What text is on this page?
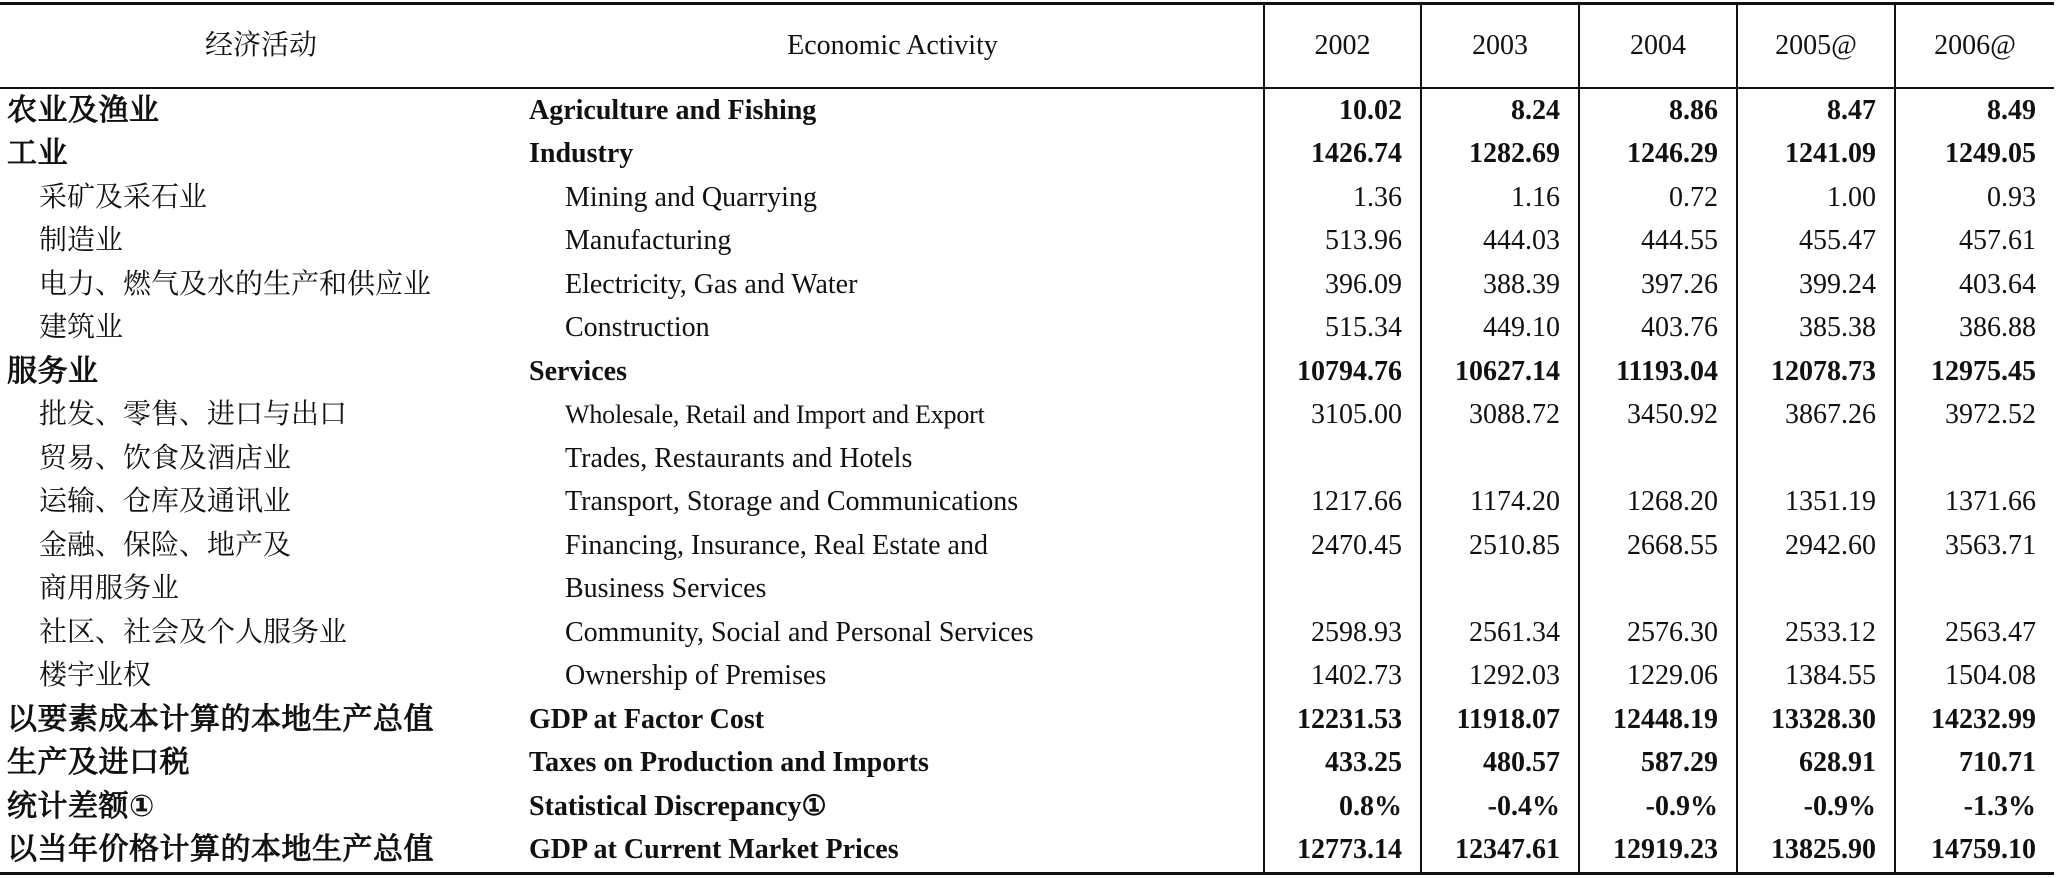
经济活动	Economic Activity	2002	2003	2004	2005@	2006@
农业及渔业	Agriculture and Fishing	10.02	8.24	8.86	8.47	8.49
工业	Industry	1426.74	1282.69	1246.29	1241.09	1249.05
采矿及采石业	Mining and Quarrying	1.36	1.16	0.72	1.00	0.93
制造业	Manufacturing	513.96	444.03	444.55	455.47	457.61
电力、燃气及水的生产和供应业	Electricity, Gas and Water	396.09	388.39	397.26	399.24	403.64
建筑业	Construction	515.34	449.10	403.76	385.38	386.88
服务业	Services	10794.76	10627.14	11193.04	12078.73	12975.45
批发、零售、进口与出口	Wholesale, Retail and Import and Export	3105.00	3088.72	3450.92	3867.26	3972.52
贸易、饮食及酒店业	Trades, Restaurants and Hotels
运输、仓库及通讯业	Transport, Storage and Communications	1217.66	1174.20	1268.20	1351.19	1371.66
金融、保险、地产及	Financing, Insurance, Real Estate and	2470.45	2510.85	2668.55	2942.60	3563.71
商用服务业	Business Services
社区、社会及个人服务业	Community, Social and Personal Services	2598.93	2561.34	2576.30	2533.12	2563.47
楼宇业权	Ownership of Premises	1402.73	1292.03	1229.06	1384.55	1504.08
以要素成本计算的本地生产总值	GDP at Factor Cost	12231.53	11918.07	12448.19	13328.30	14232.99
生产及进口税	Taxes on Production and Imports	433.25	480.57	587.29	628.91	710.71
统计差额①	Statistical Discrepancy①	0.8%	-0.4%	-0.9%	-0.9%	-1.3%
以当年价格计算的本地生产总值	GDP at Current Market Prices	12773.14	12347.61	12919.23	13825.90	14759.10
